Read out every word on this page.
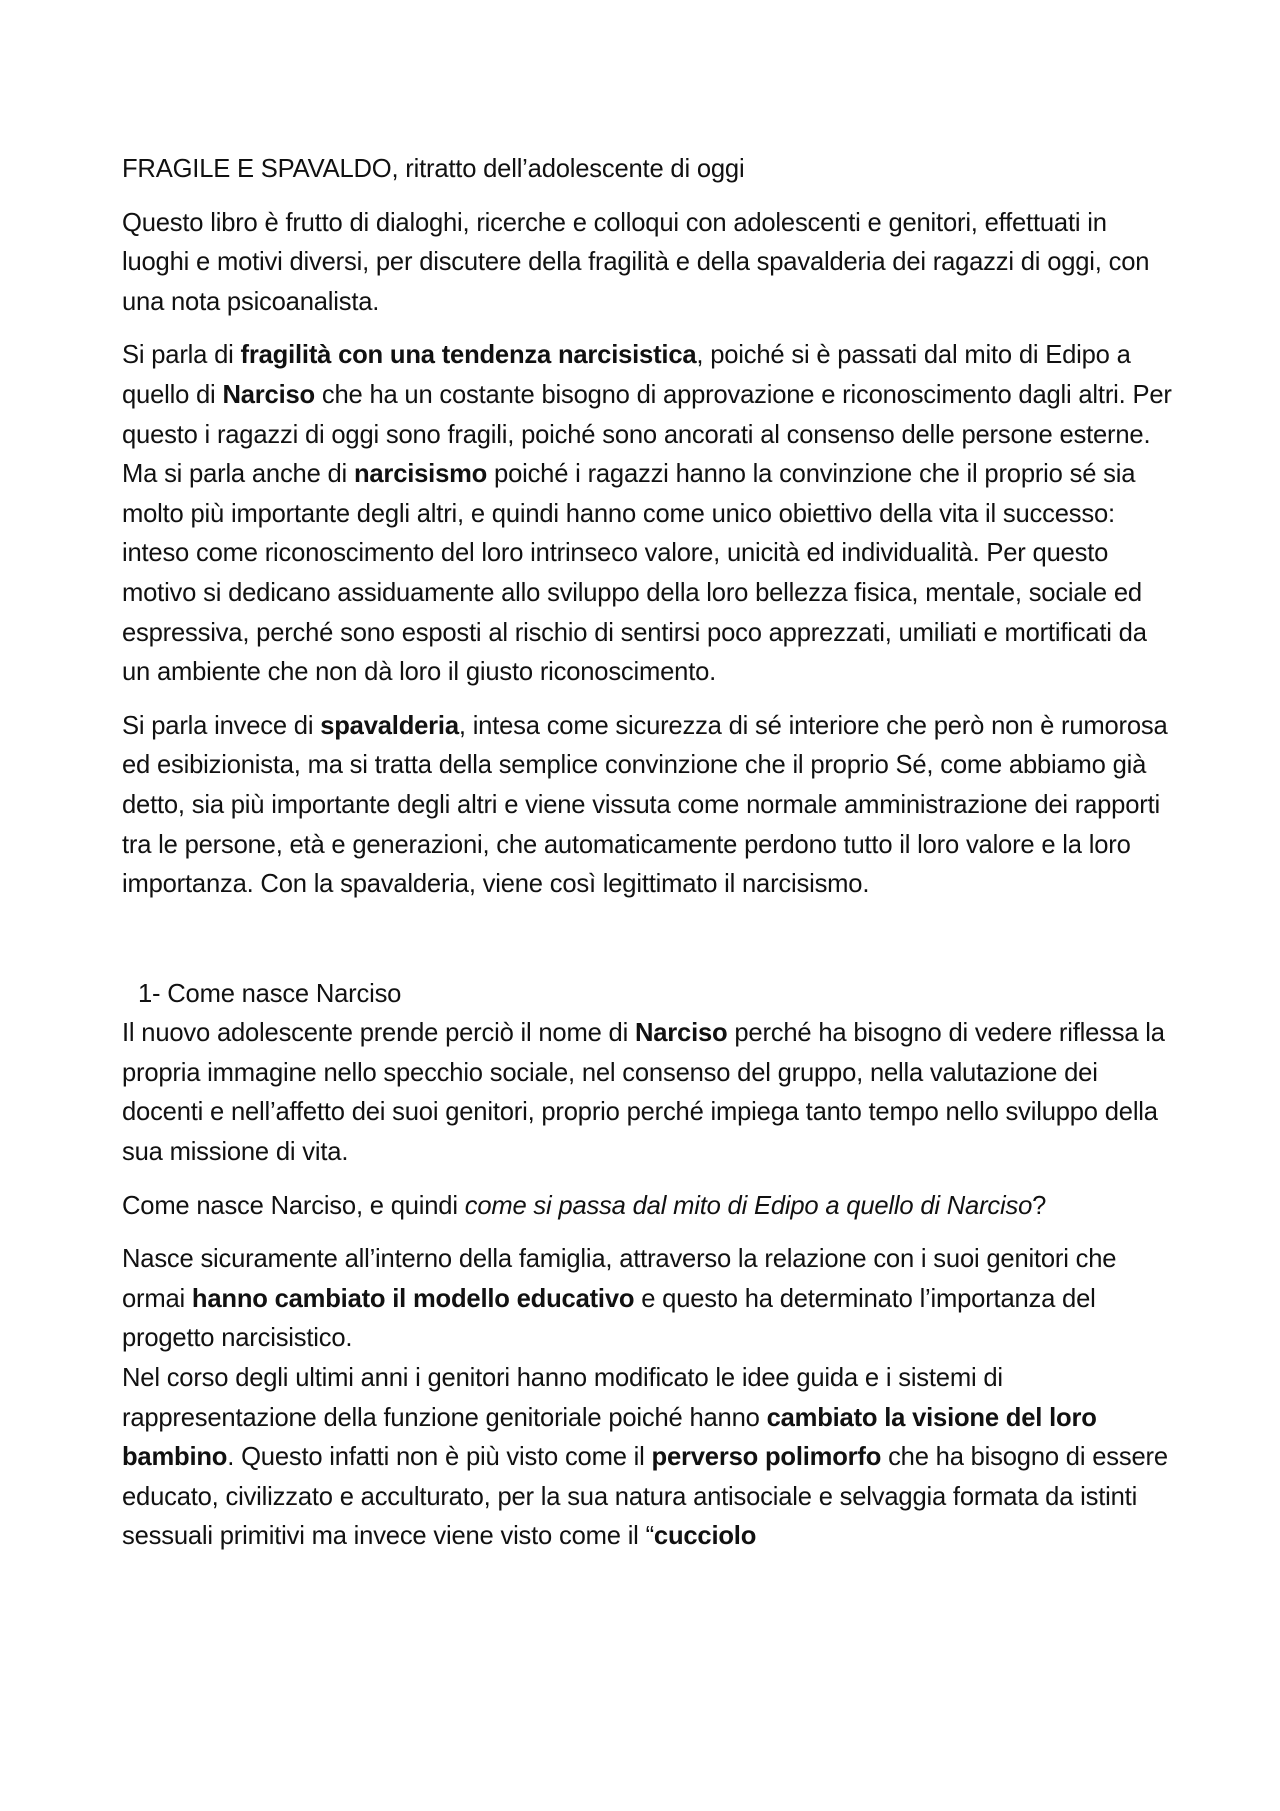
FRAGILE E SPAVALDO, ritratto dell’adolescente di oggi

Questo libro è frutto di dialoghi, ricerche e colloqui con adolescenti e genitori, effettuati in luoghi e motivi diversi, per discutere della fragilità e della spavalderia dei ragazzi di oggi, con una nota psicoanalista.

Si parla di fragilità con una tendenza narcisistica, poiché si è passati dal mito di Edipo a quello di Narciso che ha un costante bisogno di approvazione e riconoscimento dagli altri. Per questo i ragazzi di oggi sono fragili, poiché sono ancorati al consenso delle persone esterne. Ma si parla anche di narcisismo poiché i ragazzi hanno la convinzione che il proprio sé sia molto più importante degli altri, e quindi hanno come unico obiettivo della vita il successo: inteso come riconoscimento del loro intrinseco valore, unicità ed individualità. Per questo motivo si dedicano assiduamente allo sviluppo della loro bellezza fisica, mentale, sociale ed espressiva, perché sono esposti al rischio di sentirsi poco apprezzati, umiliati e mortificati da un ambiente che non dà loro il giusto riconoscimento.

Si parla invece di spavalderia, intesa come sicurezza di sé interiore che però non è rumorosa ed esibizionista, ma si tratta della semplice convinzione che il proprio Sé, come abbiamo già detto, sia più importante degli altri e viene vissuta come normale amministrazione dei rapporti tra le persone, età e generazioni, che automaticamente perdono tutto il loro valore e la loro importanza. Con la spavalderia, viene così legittimato il narcisismo.

1- Come nasce Narciso

Il nuovo adolescente prende perciò il nome di Narciso perché ha bisogno di vedere riflessa la propria immagine nello specchio sociale, nel consenso del gruppo, nella valutazione dei docenti e nell’affetto dei suoi genitori, proprio perché impiega tanto tempo nello sviluppo della sua missione di vita.

Come nasce Narciso, e quindi come si passa dal mito di Edipo a quello di Narciso?

Nasce sicuramente all’interno della famiglia, attraverso la relazione con i suoi genitori che ormai hanno cambiato il modello educativo e questo ha determinato l’importanza del progetto narcisistico.

Nel corso degli ultimi anni i genitori hanno modificato le idee guida e i sistemi di rappresentazione della funzione genitoriale poiché hanno cambiato la visione del loro bambino. Questo infatti non è più visto come il perverso polimorfo che ha bisogno di essere educato, civilizzato e acculturato, per la sua natura antisociale e selvaggia formata da istinti sessuali primitivi ma invece viene visto come il “cucciolo
